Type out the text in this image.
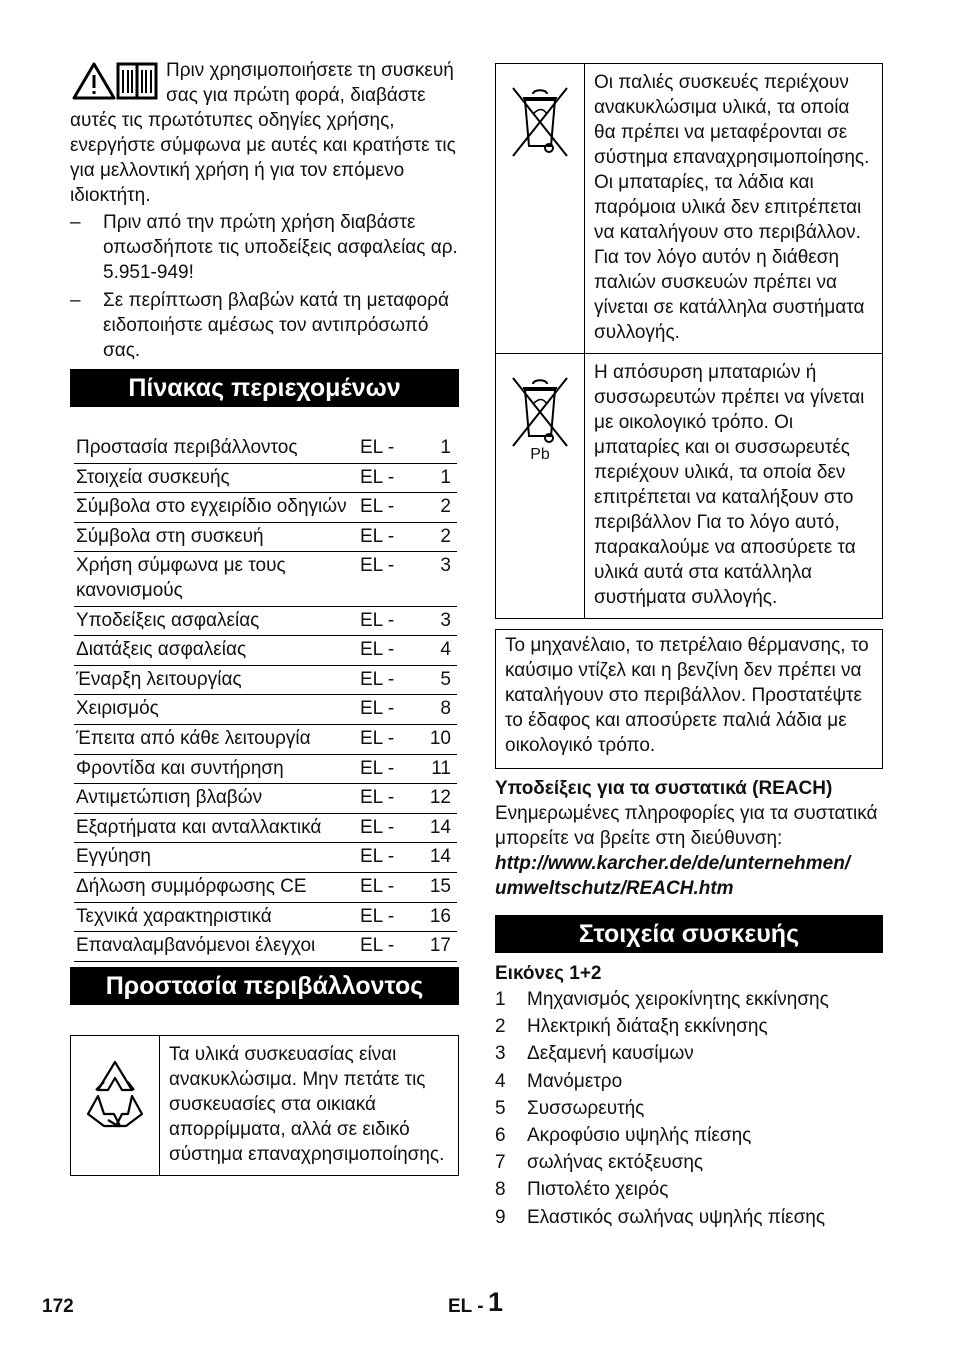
Πριν χρησιμοποιήσετε τη συσκευή σας για πρώτη φορά, διαβάστε αυτές τις πρωτότυπες οδηγίες χρήσης, ενεργήστε σύμφωνα με αυτές και κρατήστε τις για μελλοντική χρήση ή για τον επόμενο ιδιοκτήτη.

– Πριν από την πρώτη χρήση διαβάστε οπωσδήποτε τις υποδείξεις ασφαλείας αρ. 5.951-949!
– Σε περίπτωση βλαβών κατά τη μεταφορά ειδοποιήστε αμέσως τον αντιπρόσωπό σας.
Πίνακας περιεχομένων
Προστασία περιβάλλοντος	EL -	1
Στοιχεία συσκευής	EL -	1
Σύμβολα στο εγχειρίδιο οδηγιών	EL -	2
Σύμβολα στη συσκευή	EL -	2
Χρήση σύμφωνα με τους κανονισμούς	EL -	3
Υποδείξεις ασφαλείας	EL -	3
Διατάξεις ασφαλείας	EL -	4
Έναρξη λειτουργίας	EL -	5
Χειρισμός	EL -	8
Έπειτα από κάθε λειτουργία	EL -	10
Φροντίδα και συντήρηση	EL -	11
Αντιμετώπιση βλαβών	EL -	12
Εξαρτήματα και ανταλλακτικά	EL -	14
Εγγύηση	EL -	14
Δήλωση συμμόρφωσης CE	EL -	15
Τεχνικά χαρακτηριστικά	EL -	16
Επαναλαμβανόμενοι έλεγχοι	EL -	17
Προστασία περιβάλλοντος
Τα υλικά συσκευασίας είναι ανακυκλώσιμα. Μην πετάτε τις συσκευασίες στα οικιακά απορρίμματα, αλλά σε ειδικό σύστημα επαναχρησιμοποίησης.
Οι παλιές συσκευές περιέχουν ανακυκλώσιμα υλικά, τα οποία θα πρέπει να μεταφέρονται σε σύστημα επαναχρησιμοποίησης. Οι μπαταρίες, τα λάδια και παρόμοια υλικά δεν επιτρέπεται να καταλήγουν στο περιβάλλον. Για τον λόγο αυτόν η διάθεση παλιών συσκευών πρέπει να γίνεται σε κατάλληλα συστήματα συλλογής.
Pb
Η απόσυρση μπαταριών ή συσσωρευτών πρέπει να γίνεται με οικολογικό τρόπο. Οι μπαταρίες και οι συσσωρευτές περιέχουν υλικά, τα οποία δεν επιτρέπεται να καταλήξουν στο περιβάλλον Για το λόγο αυτό, παρακαλούμε να αποσύρετε τα υλικά αυτά στα κατάλληλα συστήματα συλλογής.

Το μηχανέλαιο, το πετρέλαιο θέρμανσης, το καύσιμο ντίζελ και η βενζίνη δεν πρέπει να καταλήγουν στο περιβάλλον. Προστατέψτε το έδαφος και αποσύρετε παλιά λάδια με οικολογικό τρόπο.

Υποδείξεις για τα συστατικά (REACH)

Ενημερωμένες πληροφορίες για τα συστατικά μπορείτε να βρείτε στη διεύθυνση:

http://www.karcher.de/de/unternehmen/

umweltschutz/REACH.htm

Στοιχεία συσκευής

Εικόνες 1+2

1	Μηχανισμός χειροκίνητης εκκίνησης
2	Ηλεκτρική διάταξη εκκίνησης
3	Δεξαμενή καυσίμων
4	Μανόμετρο
5	Συσσωρευτής
6	Ακροφύσιο υψηλής πίεσης
7	σωλήνας εκτόξευσης
8	Πιστολέτο χειρός
9	Ελαστικός σωλήνας υψηλής πίεσης
172	EL - 1
